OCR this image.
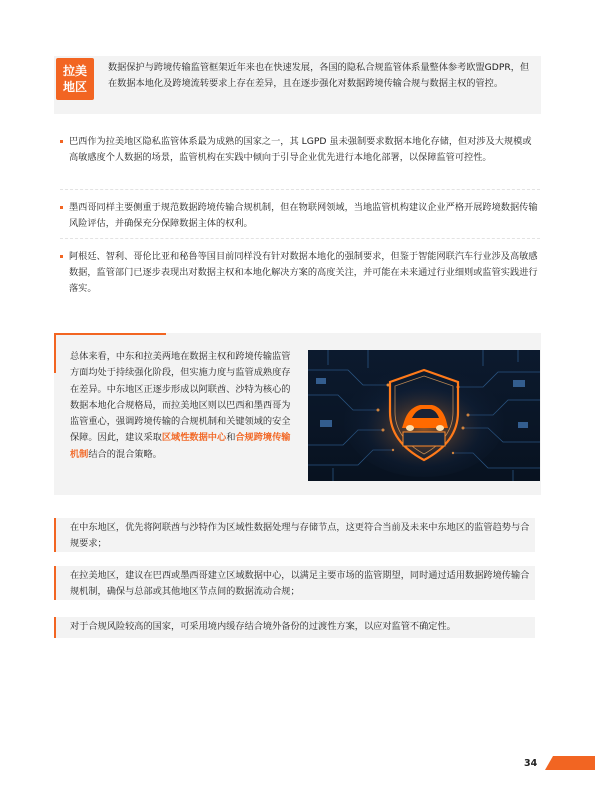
拉美
地区
数据保护与跨境传输监管框架近年来也在快速发展，各国的隐私合规监管体系量整体参考欧盟GDPR，但在数据本地化及跨境流转要求上存在差异，且在逐步强化对数据跨境传输合规与数据主权的管控。
巴西作为拉美地区隐私监管体系最为成熟的国家之一，其 LGPD 虽未强制要求数据本地化存储，但对涉及大规模或高敏感度个人数据的场景，监管机构在实践中倾向于引导企业优先进行本地化部署，以保障监管可控性。
墨西哥同样主要侧重于规范数据跨境传输合规机制，但在物联网领域，当地监管机构建议企业严格开展跨境数据传输风险评估，并确保充分保障数据主体的权利。
阿根廷、智利、哥伦比亚和秘鲁等国目前同样没有针对数据本地化的强制要求，但鉴于智能网联汽车行业涉及高敏感数据，监管部门已逐步表现出对数据主权和本地化解决方案的高度关注，并可能在未来通过行业细则或监管实践进行落实。
总体来看，中东和拉美两地在数据主权和跨境传输监管方面均处于持续强化阶段，但实施力度与监管成熟度存在差异。中东地区正逐步形成以阿联酋、沙特为核心的数据本地化合规格局，而拉美地区则以巴西和墨西哥为监管重心，强调跨境传输的合规机制和关键领域的安全保障。因此，建议采取区域性数据中心和合规跨境传输机制结合的混合策略。
在中东地区，优先将阿联酋与沙特作为区域性数据处理与存储节点，这更符合当前及未来中东地区的监管趋势与合规要求；
在拉美地区，建议在巴西或墨西哥建立区域数据中心，以满足主要市场的监管期望，同时通过适用数据跨境传输合规机制，确保与总部或其他地区节点间的数据流动合规；
对于合规风险较高的国家，可采用境内缓存结合境外备份的过渡性方案，以应对监管不确定性。
34
